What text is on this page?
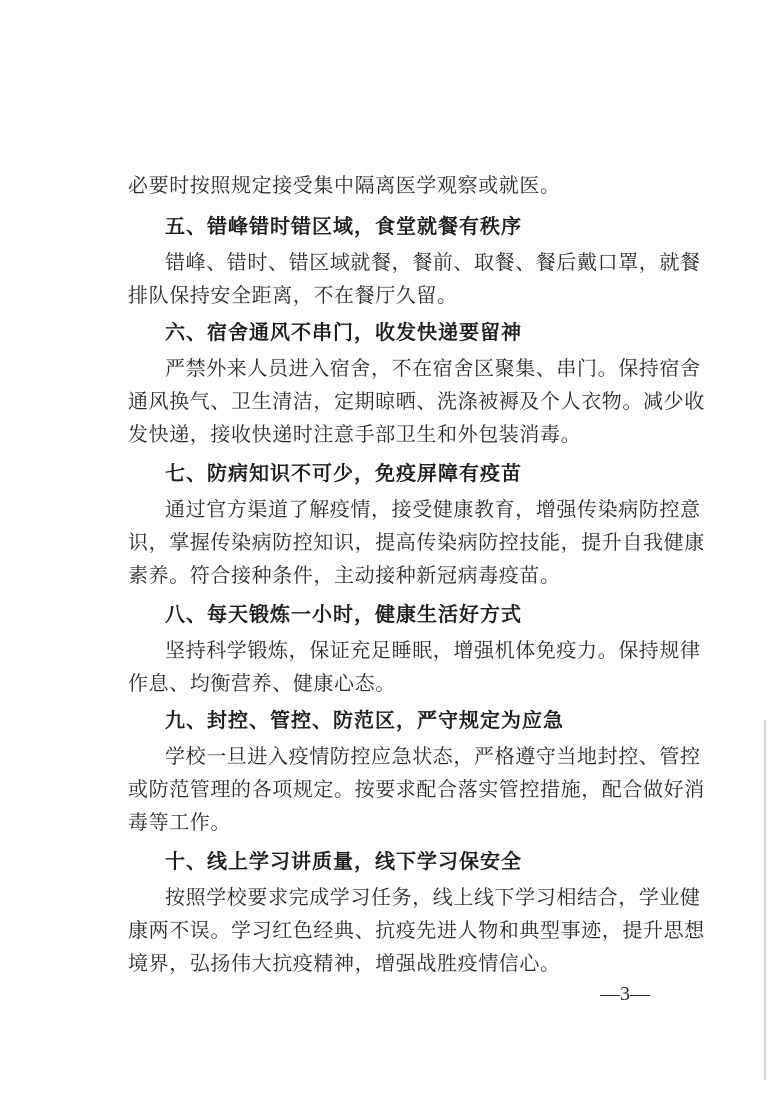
必要时按照规定接受集中隔离医学观察或就医。
五、错峰错时错区域，食堂就餐有秩序
错峰、错时、错区域就餐，餐前、取餐、餐后戴口罩，就餐
排队保持安全距离，不在餐厅久留。
六、宿舍通风不串门，收发快递要留神
严禁外来人员进入宿舍，不在宿舍区聚集、串门。保持宿舍
通风换气、卫生清洁，定期晾晒、洗涤被褥及个人衣物。减少收
发快递，接收快递时注意手部卫生和外包装消毒。
七、防病知识不可少，免疫屏障有疫苗
通过官方渠道了解疫情，接受健康教育，增强传染病防控意
识，掌握传染病防控知识，提高传染病防控技能，提升自我健康
素养。符合接种条件，主动接种新冠病毒疫苗。
八、每天锻炼一小时，健康生活好方式
坚持科学锻炼，保证充足睡眠，增强机体免疫力。保持规律
作息、均衡营养、健康心态。
九、封控、管控、防范区，严守规定为应急
学校一旦进入疫情防控应急状态，严格遵守当地封控、管控
或防范管理的各项规定。按要求配合落实管控措施，配合做好消
毒等工作。
十、线上学习讲质量，线下学习保安全
按照学校要求完成学习任务，线上线下学习相结合，学业健
康两不误。学习红色经典、抗疫先进人物和典型事迹，提升思想
境界，弘扬伟大抗疫精神，增强战胜疫情信心。
—3—
